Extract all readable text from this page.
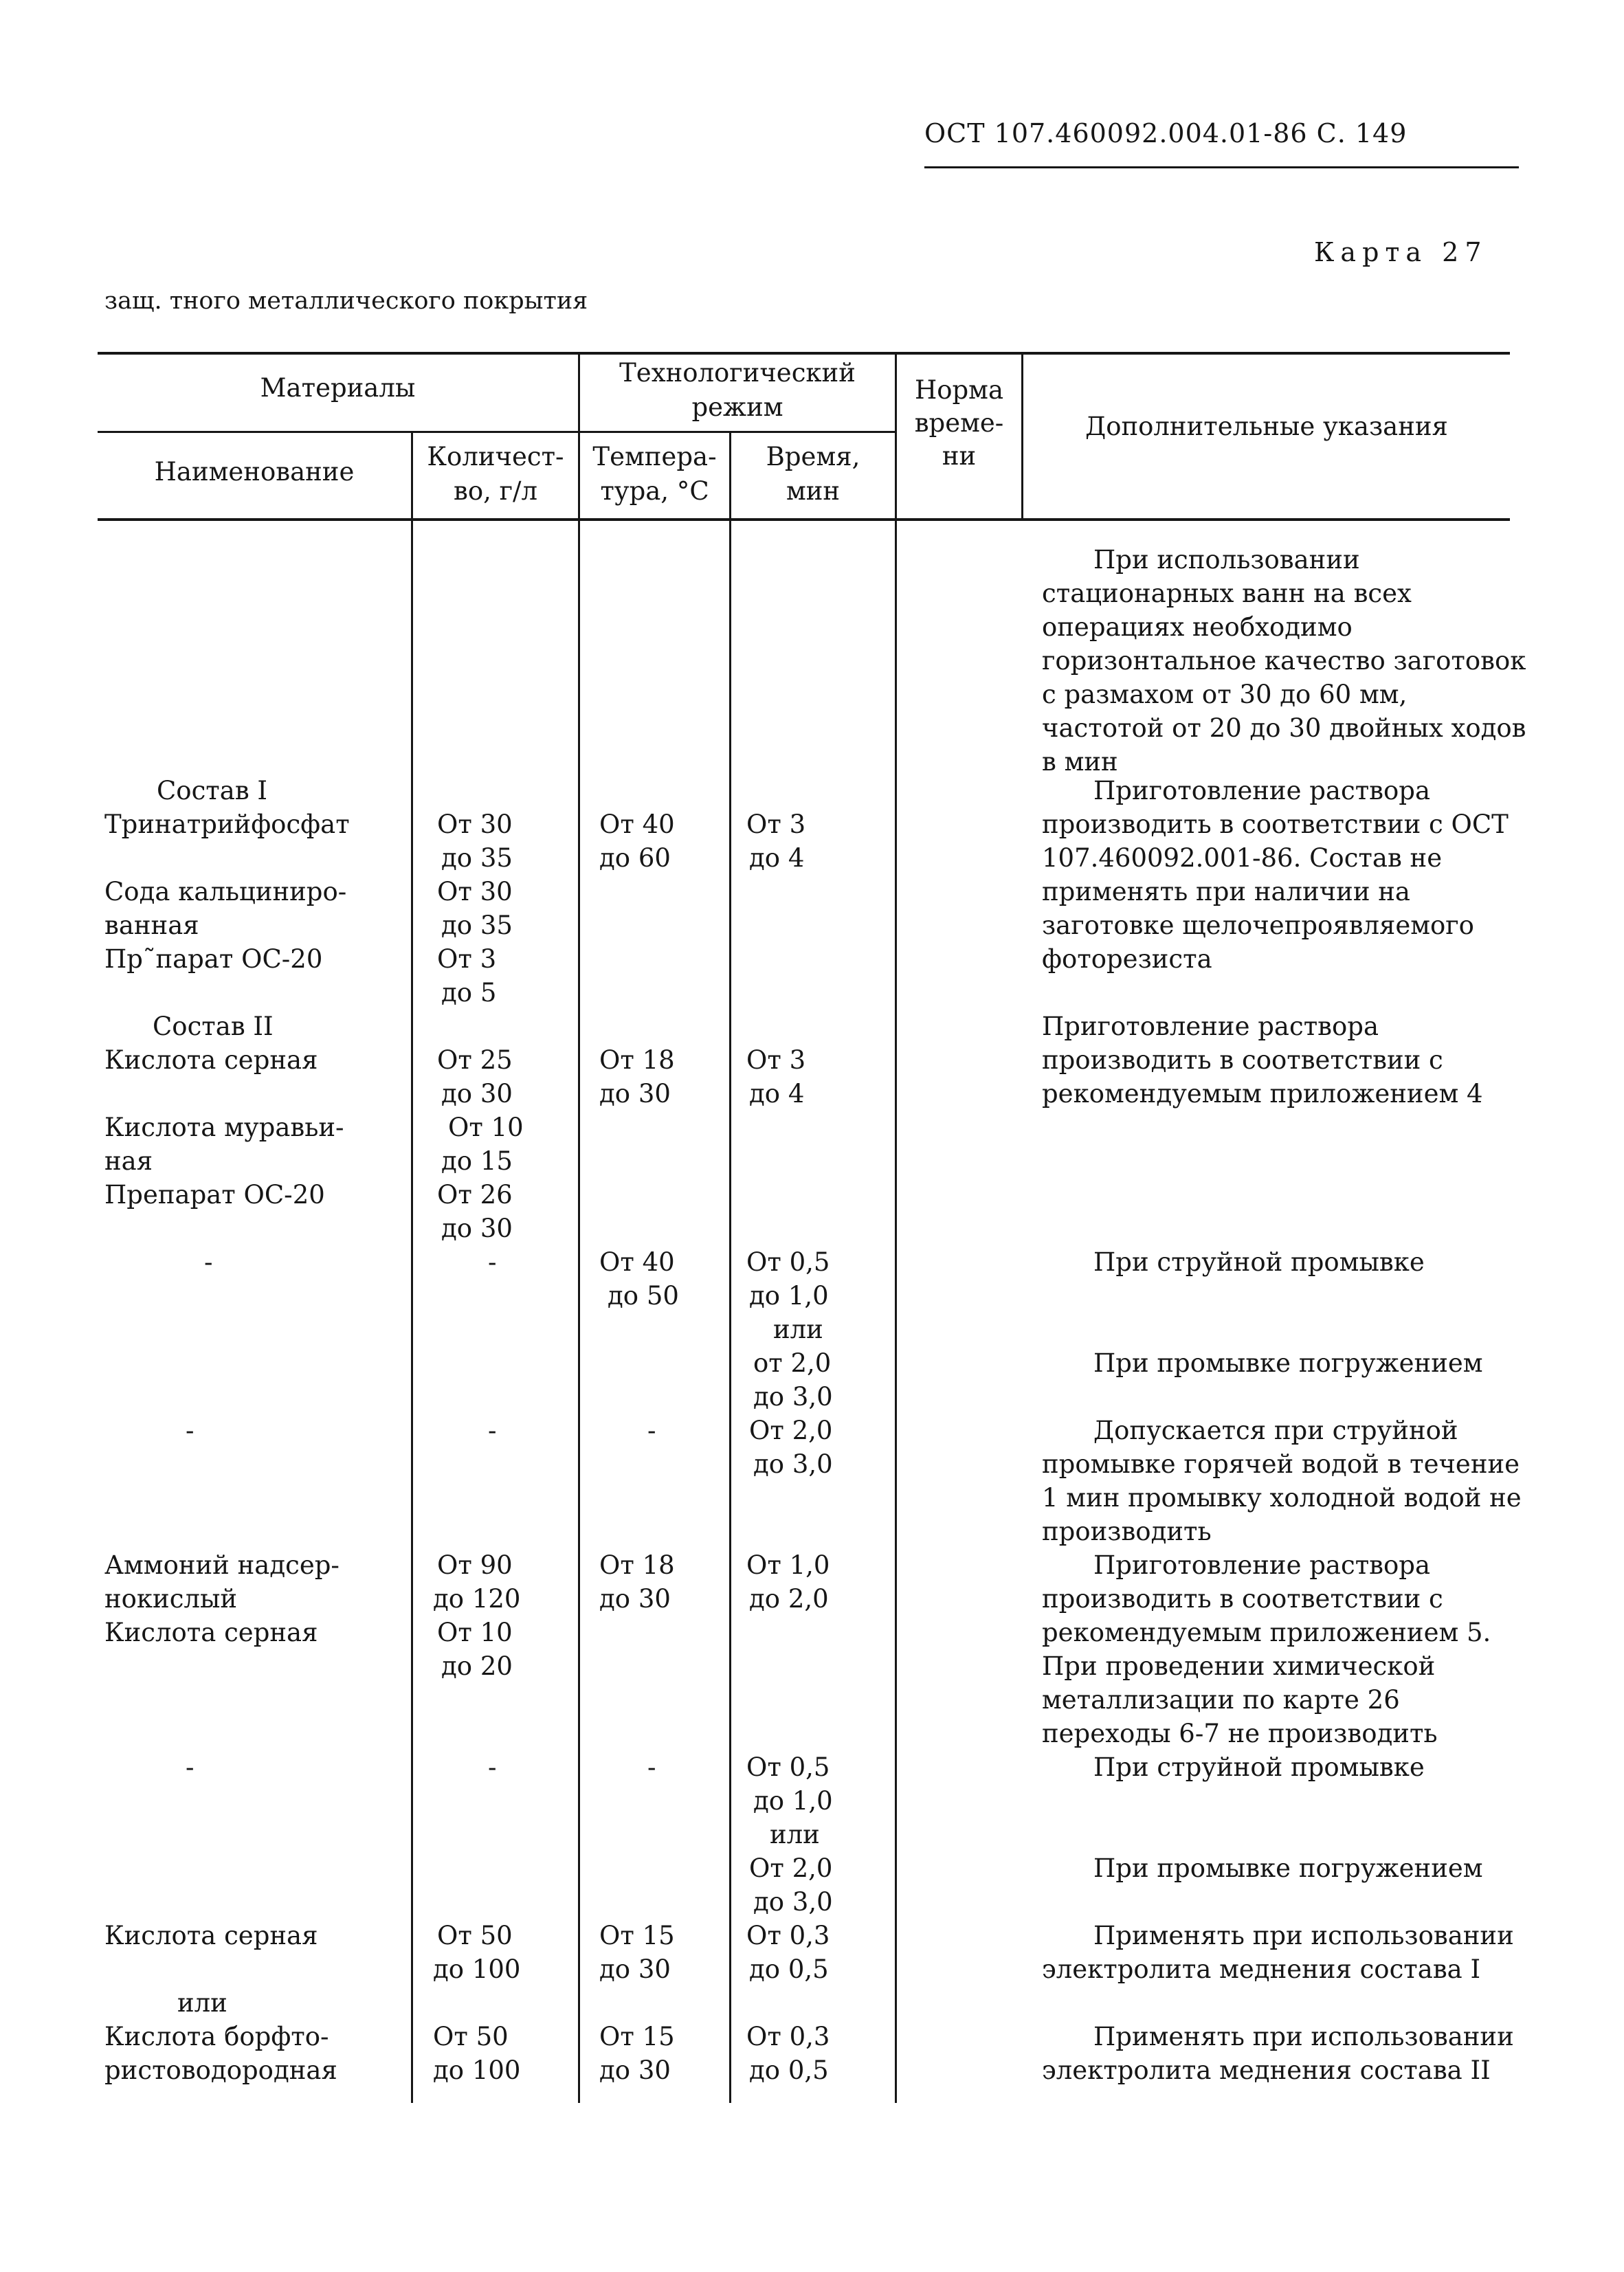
ОСТ 107.460092.004.01-86 С. 149
Карта 27
защ. тного металлического покрытия
Материалы
Технологический режим
Норма време- ни
Дополнительные указания
Наименование
Количест-
во, г/л
Темпера-
тура, °С
Время,
мин
Состав I
Тринатрийфосфат
Сода кальциниро-
ванная
Пр˜парат ОС-20
Состав II
Кислота серная
Кислота муравьи-
ная
Препарат ОС-20
-
-
Аммоний надсер-
нокислый
Кислота серная
-
Кислота серная
или
Кислота борфто-
ристоводородная
От 30
до 35
От 30
до 35
От 3
до 5
От 25
до 30
От 10
до 15
От 26
до 30
-
-
От 90
до 120
От 10
до 20
-
От 50
до 100
От 50
до 100
От 40
до 60
От 18
до 30
От 40
до 50
-
От 18
до 30
-
От 15
до 30
От 15
до 30
От 3
до 4
От 3
до 4
От 0,5
до 1,0
или
от 2,0
до 3,0
От 2,0
до 3,0
От 1,0
до 2,0
От 0,5
до 1,0
или
От 2,0
до 3,0
От 0,3
до 0,5
От 0,3
до 0,5

При использовании стационарных ванн на всех операциях необходимо горизонтальное качество заготовок с размахом от 30 до 60 мм, частотой от 20 до 30 двойных ходов в мин

Приготовление раствора производить в соответствии с ОСТ 107.460092.001-86. Состав не применять при наличии на заготовке щелочепроявляемого фоторезиста

Приготовление раствора производить в соответствии с рекомендуемым приложением 4

При струйной промывке

При промывке погружением

Допускается при струйной промывке горячей водой в течение 1 мин промывку холодной водой не производить

Приготовление раствора производить в соответствии с рекомендуемым приложением 5. При проведении химической металлизации по карте 26 переходы 6-7 не производить

При струйной промывке

При промывке погружением

Применять при использовании электролита меднения состава I

Применять при использовании электролита меднения состава II
